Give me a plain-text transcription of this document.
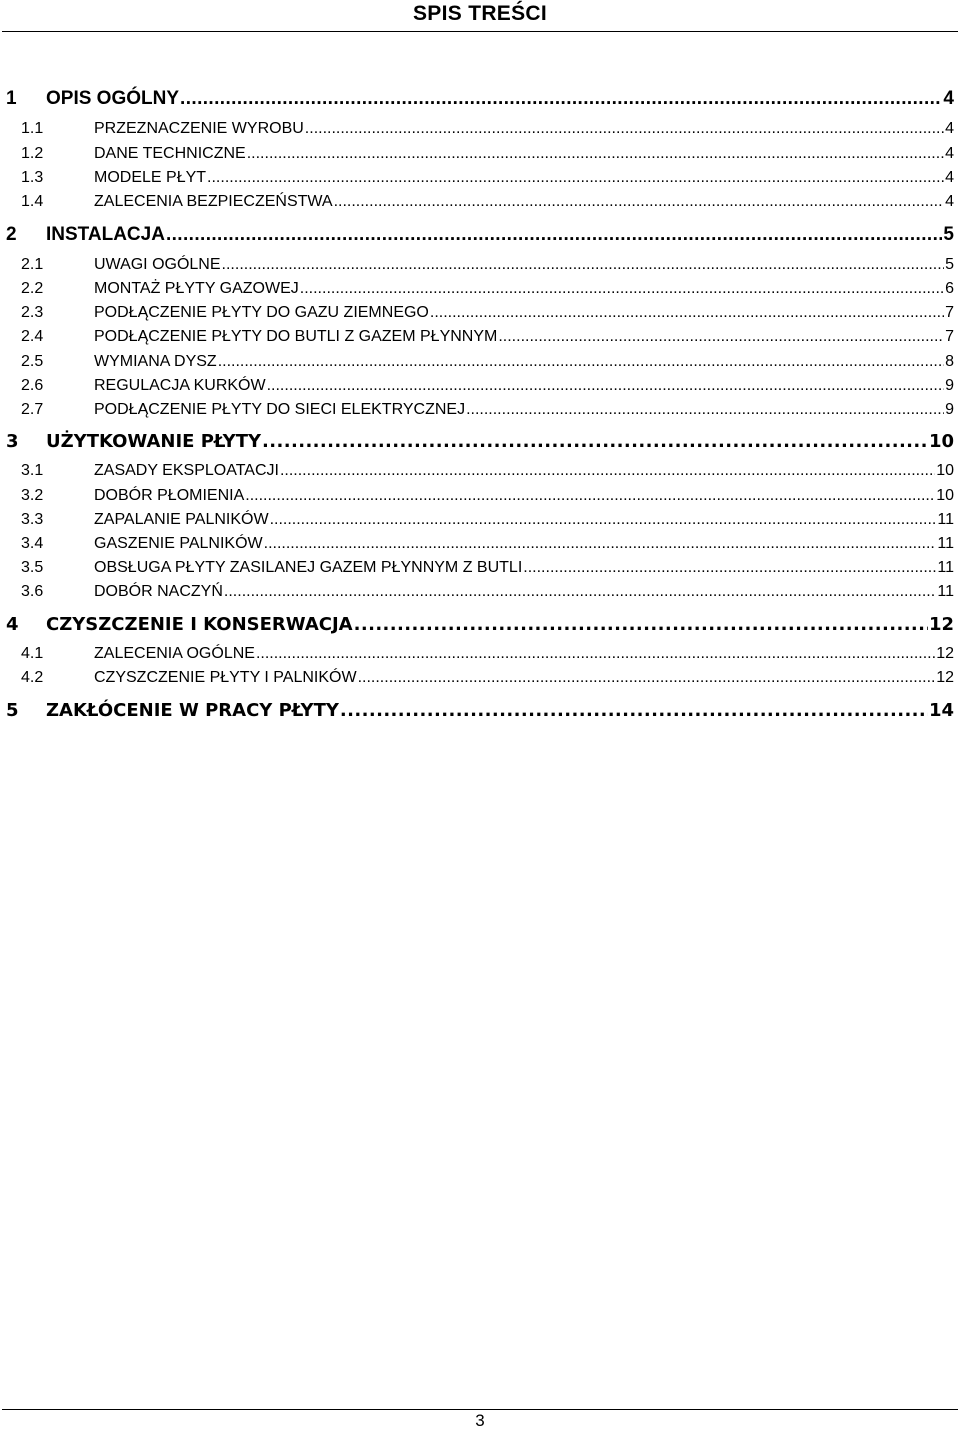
SPIS TREŚCI
1	OPIS OGÓLNY .....	4
1.1	PRZEZNACZENIE WYROBU .....	4
1.2	DANE TECHNICZNE .....	4
1.3	MODELE PŁYT .....	4
1.4	ZALECENIA BEZPIECZEŃSTWA .....	4
2	INSTALACJA .....	5
2.1	UWAGI OGÓLNE .....	5
2.2	MONTAŻ PŁYTY GAZOWEJ .....	6
2.3	PODŁĄCZENIE PŁYTY DO GAZU ZIEMNEGO .....	7
2.4	PODŁĄCZENIE PŁYTY DO BUTLI Z GAZEM PŁYNNYM .....	7
2.5	WYMIANA DYSZ .....	8
2.6	REGULACJA KURKÓW .....	9
2.7	PODŁĄCZENIE PŁYTY DO SIECI ELEKTRYCZNEJ .....	9
3	UŻYTKOWANIE PŁYTY .....	10
3.1	ZASADY EKSPLOATACJI .....	10
3.2	DOBÓR PŁOMIENIA .....	10
3.3	ZAPALANIE PALNIKÓW .....	11
3.4	GASZENIE PALNIKÓW .....	11
3.5	OBSŁUGA PŁYTY ZASILANEJ GAZEM PŁYNNYM Z BUTLI .....	11
3.6	DOBÓR NACZYŃ .....	11
4	CZYSZCZENIE I KONSERWACJA .....	12
4.1	ZALECENIA OGÓLNE .....	12
4.2	CZYSZCZENIE PŁYTY I PALNIKÓW .....	12
5	ZAKŁÓCENIE W PRACY PŁYTY .....	14
3
